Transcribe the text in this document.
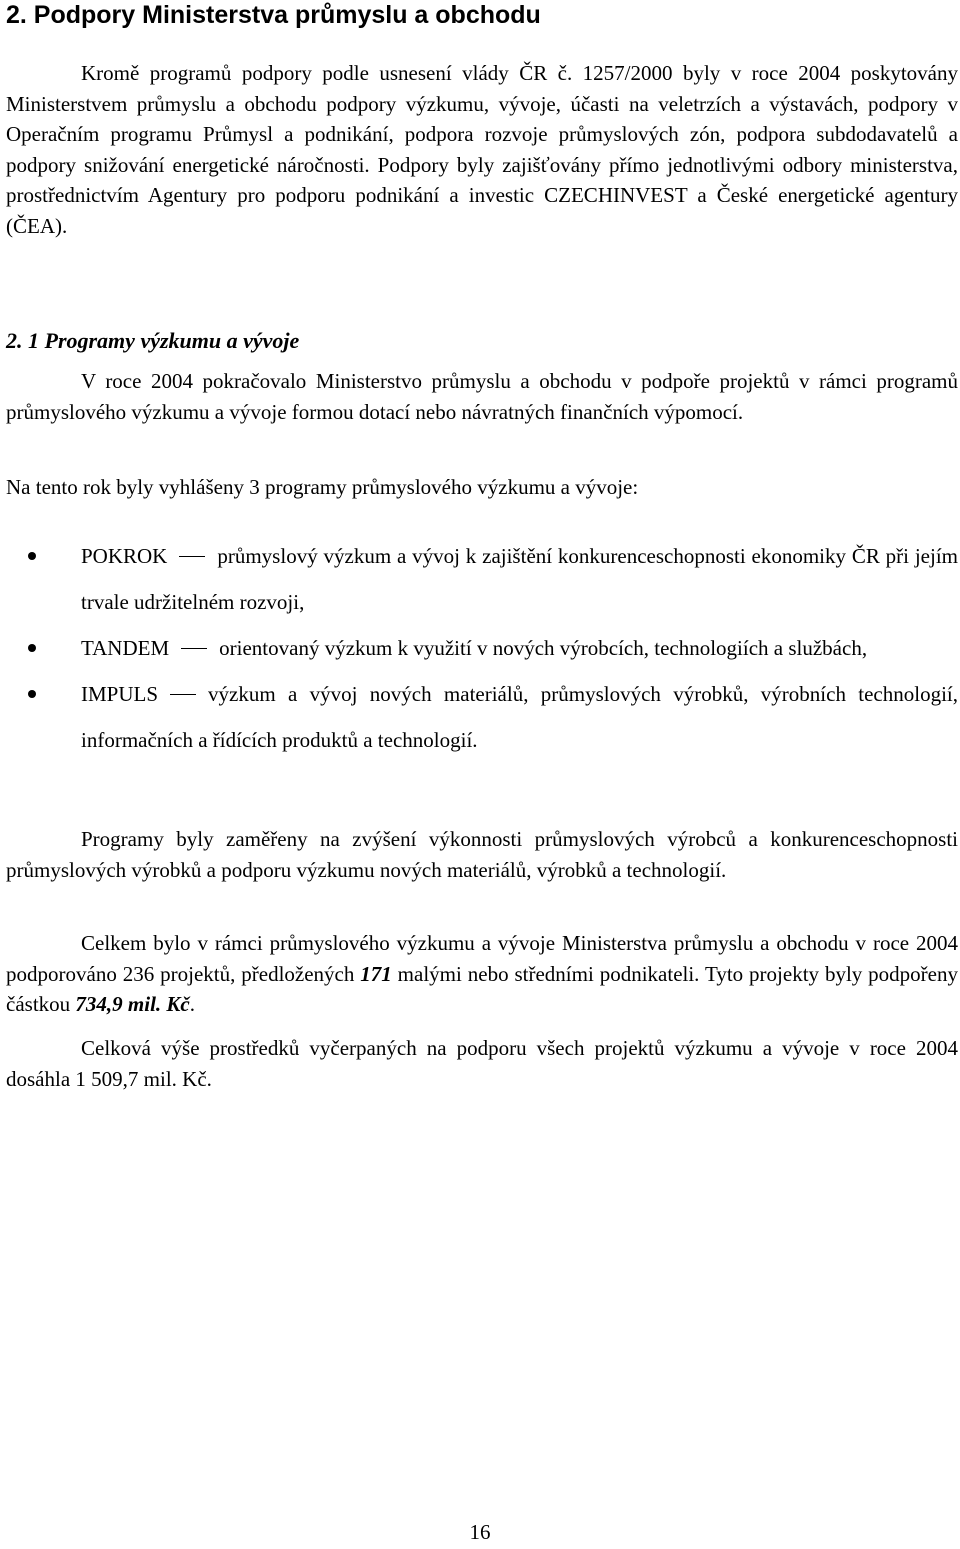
2. Podpory Ministerstva průmyslu a obchodu

Kromě programů podpory podle usnesení vlády ČR č. 1257/2000 byly v roce 2004 poskytovány Ministerstvem průmyslu a obchodu podpory výzkumu, vývoje, účasti na veletrzích a výstavách, podpory v Operačním programu Průmysl a podnikání, podpora rozvoje průmyslových zón, podpora subdodavatelů a podpory snižování energetické náročnosti. Podpory byly zajišťovány přímo jednotlivými odbory ministerstva, prostřednictvím Agentury pro podporu podnikání a investic CZECHINVEST a České energetické agentury (ČEA).

2. 1 Programy výzkumu a vývoje

V roce 2004 pokračovalo Ministerstvo průmyslu a obchodu v podpoře projektů v rámci programů průmyslového výzkumu a vývoje formou dotací nebo návratných finančních výpomocí.

Na tento rok byly vyhlášeny 3 programy průmyslového výzkumu a vývoje:

POKROK průmyslový výzkum a vývoj k zajištění konkurenceschopnosti ekonomiky ČR při jejím trvale udržitelném rozvoji,
TANDEM orientovaný výzkum k využití v nových výrobcích, technologiích a službách,
IMPULS výzkum a vývoj nových materiálů, průmyslových výrobků, výrobních technologií, informačních a řídících produktů a technologií.

Programy byly zaměřeny na zvýšení výkonnosti průmyslových výrobců a konkurenceschopnosti průmyslových výrobků a podporu výzkumu nových materiálů, výrobků a technologií.

Celkem bylo v rámci průmyslového výzkumu a vývoje Ministerstva průmyslu a obchodu v roce 2004 podporováno 236 projektů, předložených 171 malými nebo středními podnikateli. Tyto projekty byly podpořeny částkou 734,9 mil. Kč.

Celková výše prostředků vyčerpaných na podporu všech projektů výzkumu a vývoje v roce 2004 dosáhla 1 509,7 mil. Kč.

16
